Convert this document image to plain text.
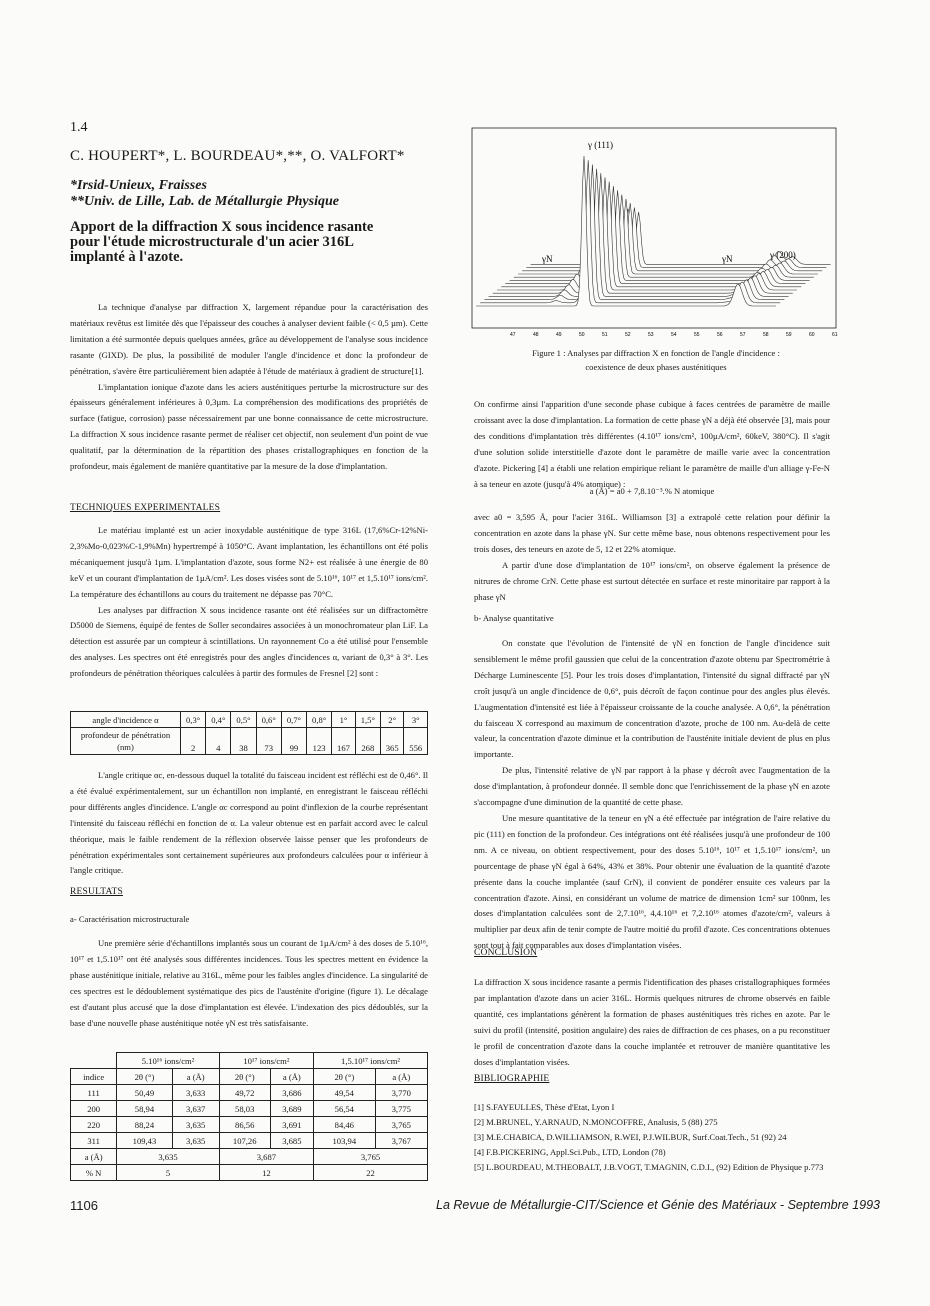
1.4
C. HOUPERT*, L. BOURDEAU*,**, O. VALFORT*
*Irsid-Unieux, Fraisses
**Univ. de Lille, Lab. de Métallurgie Physique
Apport de la diffraction X sous incidence rasante
pour l'étude microstructurale d'un acier 316L
implanté à l'azote.

La technique d'analyse par diffraction X, largement répandue pour la caractérisation des matériaux revêtus est limitée dès que l'épaisseur des couches à analyser devient faible (< 0,5 µm). Cette limitation a été surmontée depuis quelques années, grâce au développement de l'analyse sous incidence rasante (GIXD). De plus, la possibilité de moduler l'angle d'incidence et donc la profondeur de pénétration, s'avère être particulièrement bien adaptée à l'étude de matériaux à gradient de structure[1].

L'implantation ionique d'azote dans les aciers austénitiques perturbe la microstructure sur des épaisseurs généralement inférieures à 0,3µm. La compréhension des modifications des propriétés de surface (fatigue, corrosion) passe nécessairement par une bonne connaissance de cette microstructure. La diffraction X sous incidence rasante permet de réaliser cet objectif, non seulement d'un point de vue qualitatif, par la détermination de la répartition des phases cristallographiques en fonction de la profondeur, mais également de manière quantitative par la mesure de la dose d'implantation.

TECHNIQUES EXPERIMENTALES

Le matériau implanté est un acier inoxydable austénitique de type 316L (17,6%Cr-12%Ni-2,3%Mo-0,023%C-1,9%Mn) hypertrempé à 1050°C. Avant implantation, les échantillons ont été polis mécaniquement jusqu'à 1µm. L'implantation d'azote, sous forme N2+ est réalisée à une énergie de 80 keV et un courant d'implantation de 1µA/cm². Les doses visées sont de 5.10¹⁶, 10¹⁷ et 1,5.10¹⁷ ions/cm². La température des échantillons au cours du traitement ne dépasse pas 70°C.

Les analyses par diffraction X sous incidence rasante ont été réalisées sur un diffractomètre D5000 de Siemens, équipé de fentes de Soller secondaires associées à un monochromateur plan LiF. La détection est assurée par un compteur à scintillations. Un rayonnement Co a été utilisé pour l'ensemble des analyses. Les spectres ont été enregistrés pour des angles d'incidences α, variant de 0,3° à 3°. Les profondeurs de pénétration théoriques calculées à partir des formules de Fresnel [2] sont :

angle d'incidence α	0,3°	0,4°	0,5°	0,6°	0,7°	0,8°	1°	1,5°	2°	3°
profondeur de pénétration (nm)	2	4	38	73	99	123	167	268	365	556

L'angle critique αc, en-dessous duquel la totalité du faisceau incident est réfléchi est de 0,46°. Il a été évalué expérimentalement, sur un échantillon non implanté, en enregistrant le faisceau réfléchi pour différents angles d'incidence. L'angle αc correspond au point d'inflexion de la courbe représentant l'intensité du faisceau réfléchi en fonction de α. La valeur obtenue est en parfait accord avec le calcul théorique, mais le faible rendement de la réflexion observée laisse penser que les profondeurs de pénétration expérimentales sont certainement supérieures aux profondeurs calculées pour α inférieur à l'angle critique.

RESULTATS
a- Caractérisation microstructurale

Une première série d'échantillons implantés sous un courant de 1µA/cm² à des doses de 5.10¹⁶, 10¹⁷ et 1,5.10¹⁷ ont été analysés sous différentes incidences. Tous les spectres mettent en évidence la phase austénitique initiale, relative au 316L, même pour les faibles angles d'incidence. La singularité de ces spectres est le dédoublement systématique des pics de l'austénite d'origine (figure 1). Le décalage est d'autant plus accusé que la dose d'implantation est élevée. L'indexation des pics dédoublés, sur la base d'une nouvelle phase austénitique notée γN est très satisfaisante.

	5.10¹⁶ ions/cm²		10¹⁷ ions/cm²		1,5.10¹⁷ ions/cm²	
indice	2θ (°)	a (Å)	2θ (°)	a (Å)	2θ (°)	a (Å)
111	50,49	3,633	49,72	3,686	49,54	3,770
200	58,94	3,637	58,03	3,689	56,54	3,775
220	88,24	3,635	86,56	3,691	84,46	3,765
311	109,43	3,635	107,26	3,685	103,94	3,767
a (Å)	3,635		3,687		3,765	
% N	5		12		22	
γ (111)
γ (200)
γN	γN
47	48	49	50	51	52	53	54	55	56	57	58	59	60	61
Figure 1 : Analyses par diffraction X en fonction de l'angle d'incidence :
coexistence de deux phases austénitiques

On confirme ainsi l'apparition d'une seconde phase cubique à faces centrées de paramètre de maille croissant avec la dose d'implantation. La formation de cette phase γN a déjà été observée [3], mais pour des conditions d'implantation très différentes (4.10¹⁷ ions/cm², 100µA/cm², 60keV, 380°C). Il s'agit d'une solution solide interstitielle d'azote dont le paramètre de maille varie avec la concentration d'azote. Pickering [4] a établi une relation empirique reliant le paramètre de maille d'un alliage γ-Fe-N à sa teneur en azote (jusqu'à 4% atomique) :

a (Å) = a0 + 7,8.10⁻³.% N atomique

avec a0 = 3,595 Å, pour l'acier 316L. Williamson [3] a extrapolé cette relation pour définir la concentration en azote dans la phase γN. Sur cette même base, nous obtenons respectivement pour les trois doses, des teneurs en azote de 5, 12 et 22% atomique.

A partir d'une dose d'implantation de 10¹⁷ ions/cm², on observe également la présence de nitrures de chrome CrN. Cette phase est surtout détectée en surface et reste minoritaire par rapport à la phase γN

b- Analyse quantitative

On constate que l'évolution de l'intensité de γN en fonction de l'angle d'incidence suit sensiblement le même profil gaussien que celui de la concentration d'azote obtenu par Spectrométrie à Décharge Luminescente [5]. Pour les trois doses d'implantation, l'intensité du signal diffracté par γN croît jusqu'à un angle d'incidence de 0,6°, puis décroît de façon continue pour des angles plus élevés. L'augmentation d'intensité est liée à l'épaisseur croissante de la couche analysée. A 0,6°, la pénétration du faisceau X correspond au maximum de concentration d'azote, proche de 100 nm. Au-delà de cette valeur, la concentration d'azote diminue et la contribution de l'austénite initiale devient de plus en plus importante.

De plus, l'intensité relative de γN par rapport à la phase γ décroît avec l'augmentation de la dose d'implantation, à profondeur donnée. Il semble donc que l'enrichissement de la phase γN en azote s'accompagne d'une diminution de la quantité de cette phase.

Une mesure quantitative de la teneur en γN a été effectuée par intégration de l'aire relative du pic (111) en fonction de la profondeur. Ces intégrations ont été réalisées jusqu'à une profondeur de 100 nm. A ce niveau, on obtient respectivement, pour des doses 5.10¹⁶, 10¹⁷ et 1,5.10¹⁷ ions/cm², un pourcentage de phase γN égal à 64%, 43% et 38%. Pour obtenir une évaluation de la quantité d'azote présente dans la couche implantée (sauf CrN), il convient de pondérer ensuite ces valeurs par la concentration d'azote. Ainsi, en considérant un volume de matrice de dimension 1cm² sur 100nm, les doses d'implantation calculées sont de 2,7.10¹⁶, 4,4.10¹⁶ et 7,2.10¹⁶ atomes d'azote/cm², valeurs à multiplier par deux afin de tenir compte de l'autre moitié du profil d'azote. Ces concentrations obtenues sont tout à fait comparables aux doses d'implantation visées.

CONCLUSION

La diffraction X sous incidence rasante a permis l'identification des phases cristallographiques formées par implantation d'azote dans un acier 316L. Hormis quelques nitrures de chrome observés en faible quantité, ces implantations génèrent la formation de phases austénitiques très riches en azote. Par le suivi du profil (intensité, position angulaire) des raies de diffraction de ces phases, on a pu reconstituer le profil de concentration d'azote dans la couche implantée et retrouver de manière quantitative les doses d'implantation visées.

BIBLIOGRAPHIE

[1] S.FAYEULLES, Thèse d'Etat, Lyon I

[2] M.BRUNEL, Y.ARNAUD, N.MONCOFFRE, Analusis, 5 (88) 275

[3] M.E.CHABICA, D.WILLIAMSON, R.WEI, P.J.WILBUR, Surf.Coat.Tech., 51 (92) 24

[4] F.B.PICKERING, Appl.Sci.Pub., LTD, London (78)

[5] L.BOURDEAU, M.THEOBALT, J.B.VOGT, T.MAGNIN, C.D.I., (92) Edition de Physique p.773

1106	La Revue de Métallurgie-CIT/Science et Génie des Matériaux - Septembre 1993
